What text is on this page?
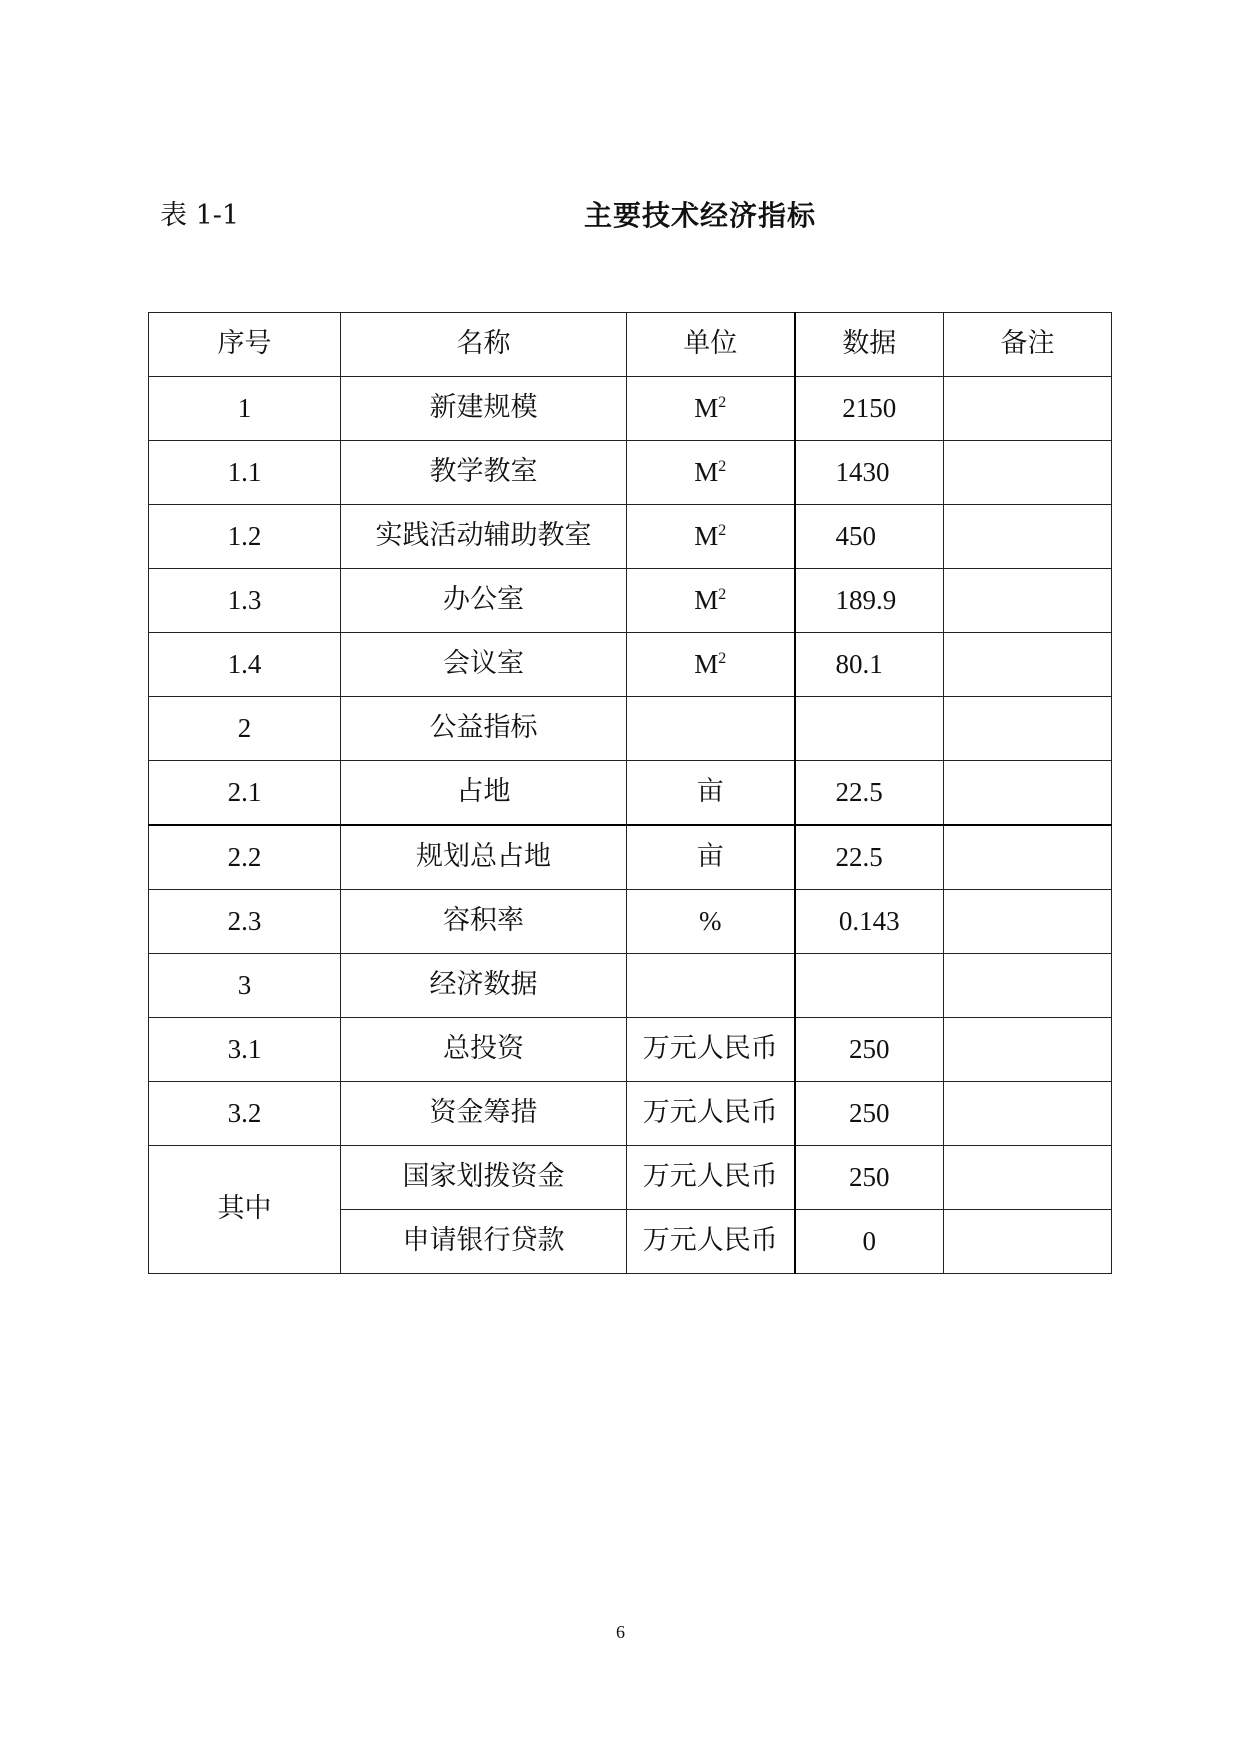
表 1-1	主要技术经济指标
序号	名称	单位	数据	备注
1	新建规模	$M^2$	2150	
1.1	教学教室	$M^2$	1430	
1.2	实践活动辅助教室	$M^2$	450	
1.3	办公室	$M^2$	189.9	
1.4	会议室	$M^2$	80.1	
2	公益指标			
2.1	占地	亩	22.5	
2.2	规划总占地	亩	22.5	
2.3	容积率	%	0.143	
3	经济数据			
3.1	总投资	万元人民币	250	
3.2	资金筹措	万元人民币	250	
其中	国家划拨资金	万元人民币	250	
	申请银行贷款	万元人民币	0	
6
